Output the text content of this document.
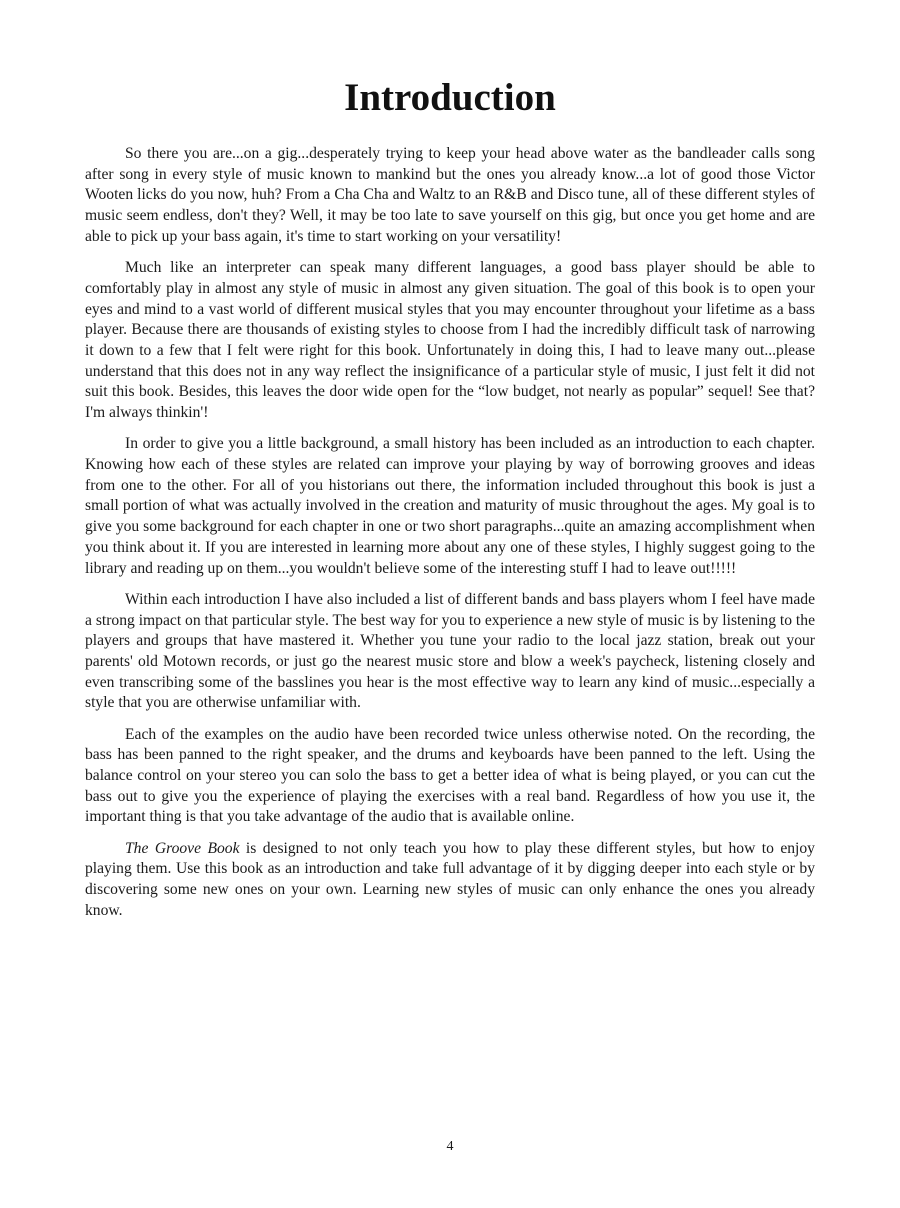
Introduction

So there you are...on a gig...desperately trying to keep your head above water as the bandleader calls song after song in every style of music known to mankind but the ones you already know...a lot of good those Victor Wooten licks do you now, huh? From a Cha Cha and Waltz to an R&B and Disco tune, all of these different styles of music seem endless, don't they? Well, it may be too late to save yourself on this gig, but once you get home and are able to pick up your bass again, it's time to start working on your versatility!

Much like an interpreter can speak many different languages, a good bass player should be able to comfortably play in almost any style of music in almost any given situation. The goal of this book is to open your eyes and mind to a vast world of different musical styles that you may encounter throughout your lifetime as a bass player. Because there are thousands of existing styles to choose from I had the incredibly difficult task of narrowing it down to a few that I felt were right for this book. Unfortunately in doing this, I had to leave many out...please understand that this does not in any way reflect the insignificance of a particular style of music, I just felt it did not suit this book. Besides, this leaves the door wide open for the “low budget, not nearly as popular” sequel! See that? I'm always thinkin'!

In order to give you a little background, a small history has been included as an introduction to each chapter. Knowing how each of these styles are related can improve your playing by way of borrowing grooves and ideas from one to the other. For all of you historians out there, the information included throughout this book is just a small portion of what was actually involved in the creation and maturity of music throughout the ages. My goal is to give you some background for each chapter in one or two short paragraphs...quite an amazing accomplishment when you think about it. If you are interested in learning more about any one of these styles, I highly suggest going to the library and reading up on them...you wouldn't believe some of the interesting stuff I had to leave out!!!!!

Within each introduction I have also included a list of different bands and bass players whom I feel have made a strong impact on that particular style. The best way for you to experience a new style of music is by listening to the players and groups that have mastered it. Whether you tune your radio to the local jazz station, break out your parents' old Motown records, or just go the nearest music store and blow a week's paycheck, listening closely and even transcribing some of the basslines you hear is the most effective way to learn any kind of music...especially a style that you are otherwise unfamiliar with.

Each of the examples on the audio have been recorded twice unless otherwise noted. On the recording, the bass has been panned to the right speaker, and the drums and keyboards have been panned to the left. Using the balance control on your stereo you can solo the bass to get a better idea of what is being played, or you can cut the bass out to give you the experience of playing the exercises with a real band. Regardless of how you use it, the important thing is that you take advantage of the audio that is available online.

The Groove Book is designed to not only teach you how to play these different styles, but how to enjoy playing them. Use this book as an introduction and take full advantage of it by digging deeper into each style or by discovering some new ones on your own. Learning new styles of music can only enhance the ones you already know.

4
